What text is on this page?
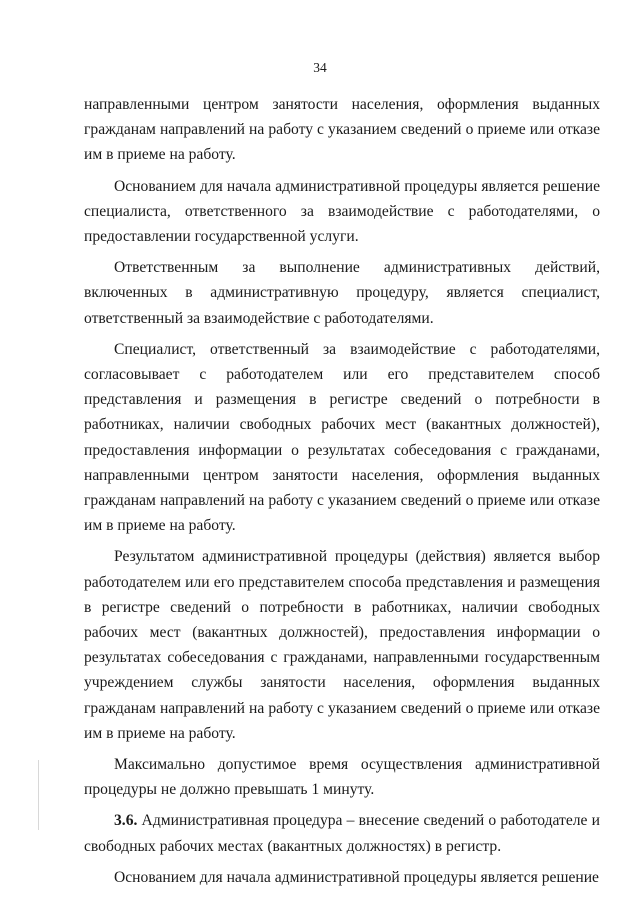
34

направленными центром занятости населения, оформления выданных гражданам направлений на работу с указанием сведений о приеме или отказе им в приеме на работу.

Основанием для начала административной процедуры является решение специалиста, ответственного за взаимодействие с работодателями, о предоставлении государственной услуги.

Ответственным за выполнение административных действий, включенных в административную процедуру, является специалист, ответственный за взаимодействие с работодателями.

Специалист, ответственный за взаимодействие с работодателями, согласовывает с работодателем или его представителем способ представления и размещения в регистре сведений о потребности в работниках, наличии свободных рабочих мест (вакантных должностей), предоставления информации о результатах собеседования с гражданами, направленными центром занятости населения, оформления выданных гражданам направлений на работу с указанием сведений о приеме или отказе им в приеме на работу.

Результатом административной процедуры (действия) является выбор работодателем или его представителем способа представления и размещения в регистре сведений о потребности в работниках, наличии свободных рабочих мест (вакантных должностей), предоставления информации о результатах собеседования с гражданами, направленными государственным учреждением службы занятости населения, оформления выданных гражданам направлений на работу с указанием сведений о приеме или отказе им в приеме на работу.

Максимально допустимое время осуществления административной процедуры не должно превышать 1 минуту.

3.6. Административная процедура – внесение сведений о работодателе и свободных рабочих местах (вакантных должностях) в регистр.

Основанием для начала административной процедуры является решение
